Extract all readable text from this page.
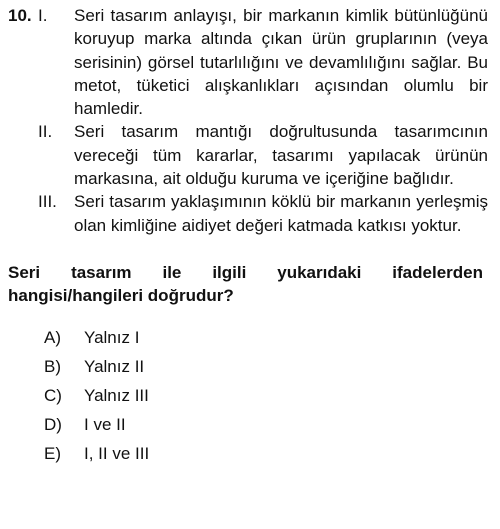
10. I. Seri tasarım anlayışı, bir markanın kimlik bütünlüğünü koruyup marka altında çıkan ürün gruplarının (veya serisinin) görsel tutarlılığını ve devamlılığını sağlar. Bu metot, tüketici alışkanlıkları açısından olumlu bir hamledir.
II. Seri tasarım mantığı doğrultusunda tasarımcının vereceği tüm kararlar, tasarımı yapılacak ürünün markasına, ait olduğu kuruma ve içeriğine bağlıdır.
III. Seri tasarım yaklaşımının köklü bir markanın yerleşmiş olan kimliğine aidiyet değeri katmada katkısı yoktur.
Seri tasarım ile ilgili yukarıdaki ifadelerden hangisi/hangileri doğrudur?
A)	Yalnız I
B)	Yalnız II
C)	Yalnız III
D)	I ve II
E)	I, II ve III
